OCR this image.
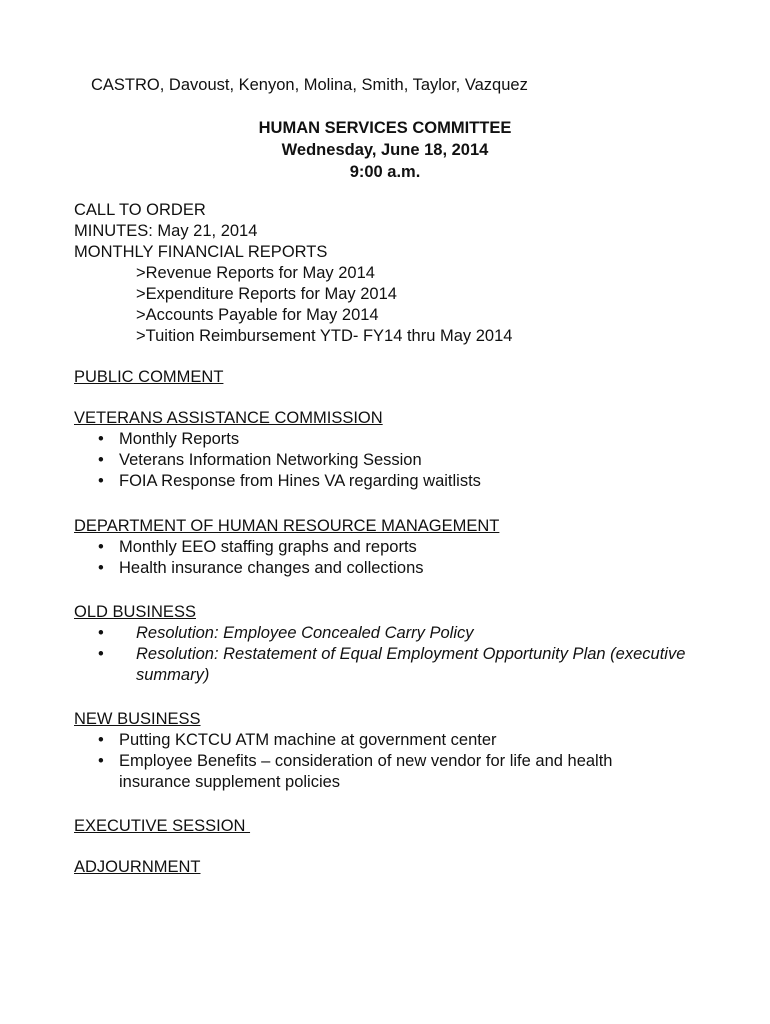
CASTRO, Davoust, Kenyon, Molina, Smith, Taylor, Vazquez
HUMAN SERVICES COMMITTEE
Wednesday, June 18, 2014
9:00 a.m.
CALL TO ORDER
MINUTES: May 21, 2014
MONTHLY FINANCIAL REPORTS
>Revenue Reports for May 2014
>Expenditure Reports for May 2014
>Accounts Payable for May 2014
>Tuition Reimbursement YTD- FY14 thru May 2014
PUBLIC COMMENT
VETERANS ASSISTANCE COMMISSION
• Monthly Reports
• Veterans Information Networking Session
• FOIA Response from Hines VA regarding waitlists
DEPARTMENT OF HUMAN RESOURCE MANAGEMENT
• Monthly EEO staffing graphs and reports
• Health insurance changes and collections
OLD BUSINESS
• Resolution: Employee Concealed Carry Policy
• Resolution: Restatement of Equal Employment Opportunity Plan (executive summary)
NEW BUSINESS
• Putting KCTCU ATM machine at government center
• Employee Benefits – consideration of new vendor for life and health insurance supplement policies
EXECUTIVE SESSION
ADJOURNMENT
